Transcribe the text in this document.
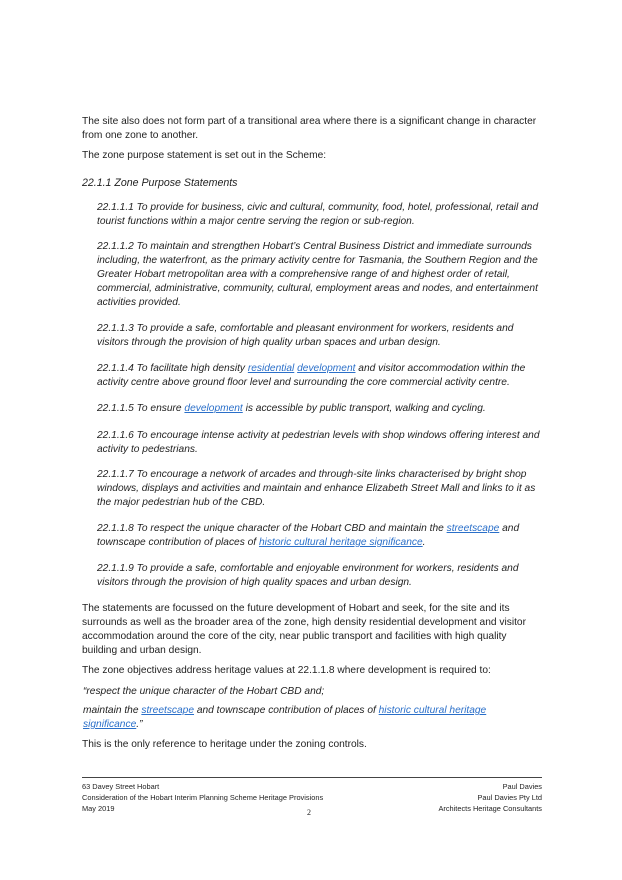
The site also does not form part of a transitional area where there is a significant change in character from one zone to another.

The zone purpose statement is set out in the Scheme:

22.1.1 Zone Purpose Statements

22.1.1.1 To provide for business, civic and cultural, community, food, hotel, professional, retail and tourist functions within a major centre serving the region or sub-region.

22.1.1.2 To maintain and strengthen Hobart’s Central Business District and immediate surrounds including, the waterfront, as the primary activity centre for Tasmania, the Southern Region and the Greater Hobart metropolitan area with a comprehensive range of and highest order of retail, commercial, administrative, community, cultural, employment areas and nodes, and entertainment activities provided.

22.1.1.3 To provide a safe, comfortable and pleasant environment for workers, residents and visitors through the provision of high quality urban spaces and urban design.

22.1.1.4 To facilitate high density residential development and visitor accommodation within the activity centre above ground floor level and surrounding the core commercial activity centre.

22.1.1.5 To ensure development is accessible by public transport, walking and cycling.

22.1.1.6 To encourage intense activity at pedestrian levels with shop windows offering interest and activity to pedestrians.

22.1.1.7 To encourage a network of arcades and through-site links characterised by bright shop windows, displays and activities and maintain and enhance Elizabeth Street Mall and links to it as the major pedestrian hub of the CBD.

22.1.1.8 To respect the unique character of the Hobart CBD and maintain the streetscape and townscape contribution of places of historic cultural heritage significance.

22.1.1.9 To provide a safe, comfortable and enjoyable environment for workers, residents and visitors through the provision of high quality spaces and urban design.

The statements are focussed on the future development of Hobart and seek, for the site and its surrounds as well as the broader area of the zone, high density residential development and visitor accommodation around the core of the city, near public transport and facilities with high quality building and urban design.

The zone objectives address heritage values at 22.1.1.8 where development is required to:

“respect the unique character of the Hobart CBD and;

maintain the streetscape and townscape contribution of places of historic cultural heritage significance.”

This is the only reference to heritage under the zoning controls.

63 Davey Street Hobart
Consideration of the Hobart Interim Planning Scheme Heritage Provisions
May 2019
Paul Davies
Paul Davies Pty Ltd
Architects Heritage Consultants
2
